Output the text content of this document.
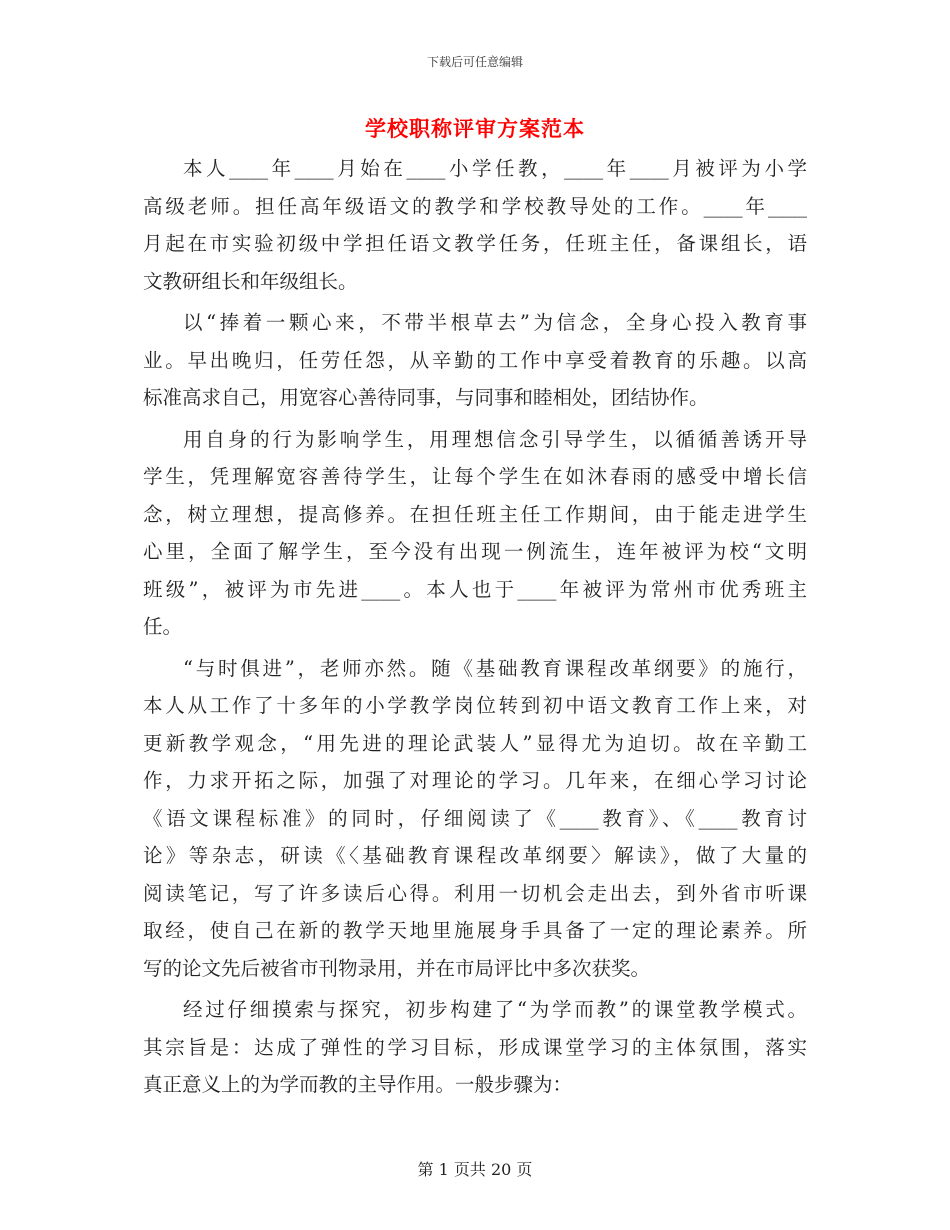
下载后可任意编辑
学校职称评审方案范本
本人____年____月始在____小学任教，____年____月被评为小学
高级老师。担任高年级语文的教学和学校教导处的工作。____年____
月起在市实验初级中学担任语文教学任务，任班主任，备课组长，语
文教研组长和年级组长。
以“捧着一颗心来，不带半根草去”为信念，全身心投入教育事
业。早出晚归，任劳任怨，从辛勤的工作中享受着教育的乐趣。以高
标准高求自己，用宽容心善待同事，与同事和睦相处，团结协作。
用自身的行为影响学生，用理想信念引导学生，以循循善诱开导
学生，凭理解宽容善待学生，让每个学生在如沐春雨的感受中增长信
念，树立理想，提高修养。在担任班主任工作期间，由于能走进学生
心里，全面了解学生，至今没有出现一例流生，连年被评为校“文明
班级”，被评为市先进____。本人也于____年被评为常州市优秀班主
任。
“与时俱进”，老师亦然。随《基础教育课程改革纲要》的施行，
本人从工作了十多年的小学教学岗位转到初中语文教育工作上来，对
更新教学观念，“用先进的理论武装人”显得尤为迫切。故在辛勤工
作，力求开拓之际，加强了对理论的学习。几年来，在细心学习讨论
《语文课程标准》的同时，仔细阅读了《____教育》、《____教育讨
论》等杂志，研读《〈基础教育课程改革纲要〉解读》，做了大量的
阅读笔记，写了许多读后心得。利用一切机会走出去，到外省市听课
取经，使自己在新的教学天地里施展身手具备了一定的理论素养。所
写的论文先后被省市刊物录用，并在市局评比中多次获奖。
经过仔细摸索与探究，初步构建了“为学而教”的课堂教学模式。
其宗旨是：达成了弹性的学习目标，形成课堂学习的主体氛围，落实
真正意义上的为学而教的主导作用。一般步骤为：
第 1 页共 20 页
